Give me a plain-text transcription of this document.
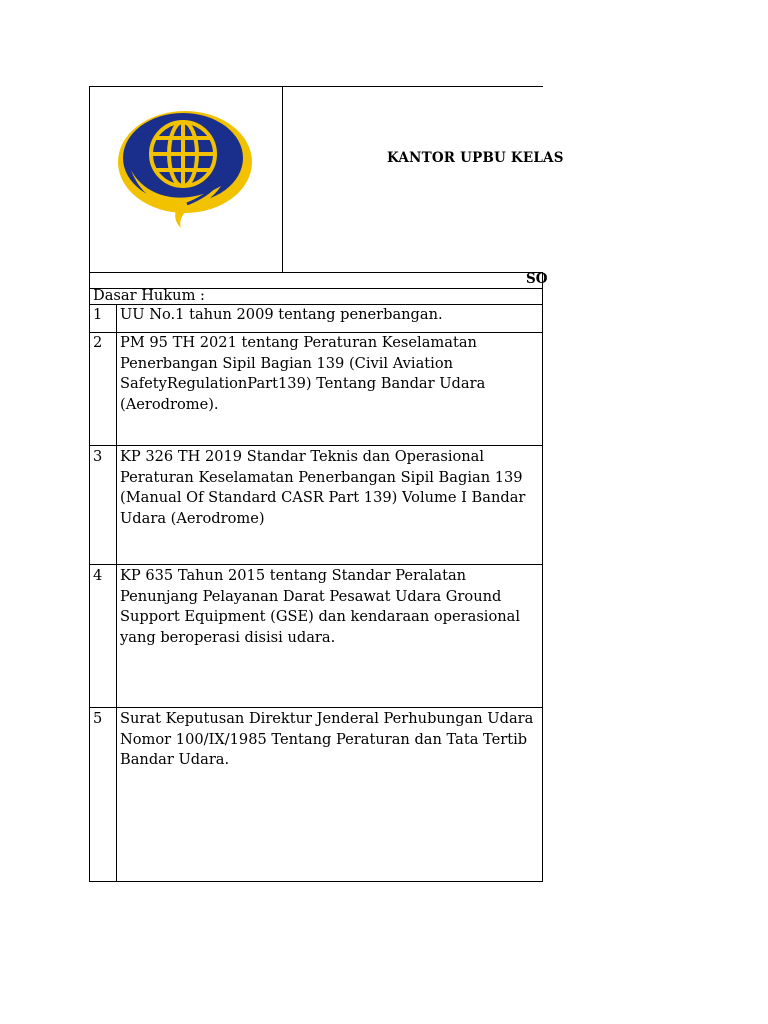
KANTOR UPBU KELAS
SO
Dasar Hukum :
1 UU No.1 tahun 2009 tentang penerbangan.
2 PM 95 TH 2021 tentang Peraturan Keselamatan
Penerbangan Sipil Bagian 139 (Civil Aviation
SafetyRegulationPart139) Tentang Bandar Udara
(Aerodrome).
3 KP 326 TH 2019 Standar Teknis dan Operasional
Peraturan Keselamatan Penerbangan Sipil Bagian 139
(Manual Of Standard CASR Part 139) Volume I Bandar
Udara (Aerodrome)
4 KP 635 Tahun 2015 tentang Standar Peralatan
Penunjang Pelayanan Darat Pesawat Udara Ground
Support Equipment (GSE) dan kendaraan operasional
yang beroperasi disisi udara.
5 Surat Keputusan Direktur Jenderal Perhubungan Udara
Nomor 100/IX/1985 Tentang Peraturan dan Tata Tertib
Bandar Udara.
